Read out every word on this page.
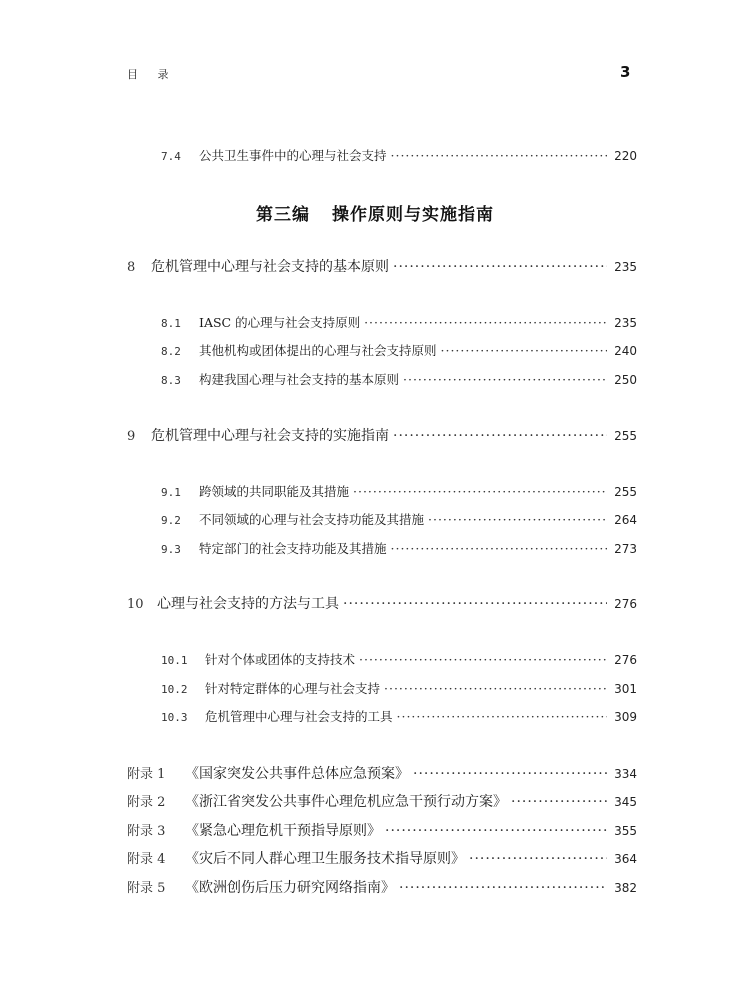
目 录	3
7.4	公共卫生事件中的心理与社会支持 ·····	220
第三编 操作原则与实施指南
8	危机管理中心理与社会支持的基本原则 ·····	235
8.1	IASC 的心理与社会支持原则 ·····	235
8.2	其他机构或团体提出的心理与社会支持原则 ·····	240
8.3	构建我国心理与社会支持的基本原则 ·····	250
9	危机管理中心理与社会支持的实施指南 ·····	255
9.1	跨领域的共同职能及其措施 ·····	255
9.2	不同领域的心理与社会支持功能及其措施 ·····	264
9.3	特定部门的社会支持功能及其措施 ·····	273
10 心理与社会支持的方法与工具 ·····	276
10.1	针对个体或团体的支持技术 ·····	276
10.2	针对特定群体的心理与社会支持 ·····	301
10.3	危机管理中心理与社会支持的工具 ·····	309
附录 1	《国家突发公共事件总体应急预案》 ·····	334
附录 2	《浙江省突发公共事件心理危机应急干预行动方案》 ·····	345
附录 3	《紧急心理危机干预指导原则》 ·····	355
附录 4	《灾后不同人群心理卫生服务技术指导原则》 ·····	364
附录 5	《欧洲创伤后压力研究网络指南》 ·····	382
